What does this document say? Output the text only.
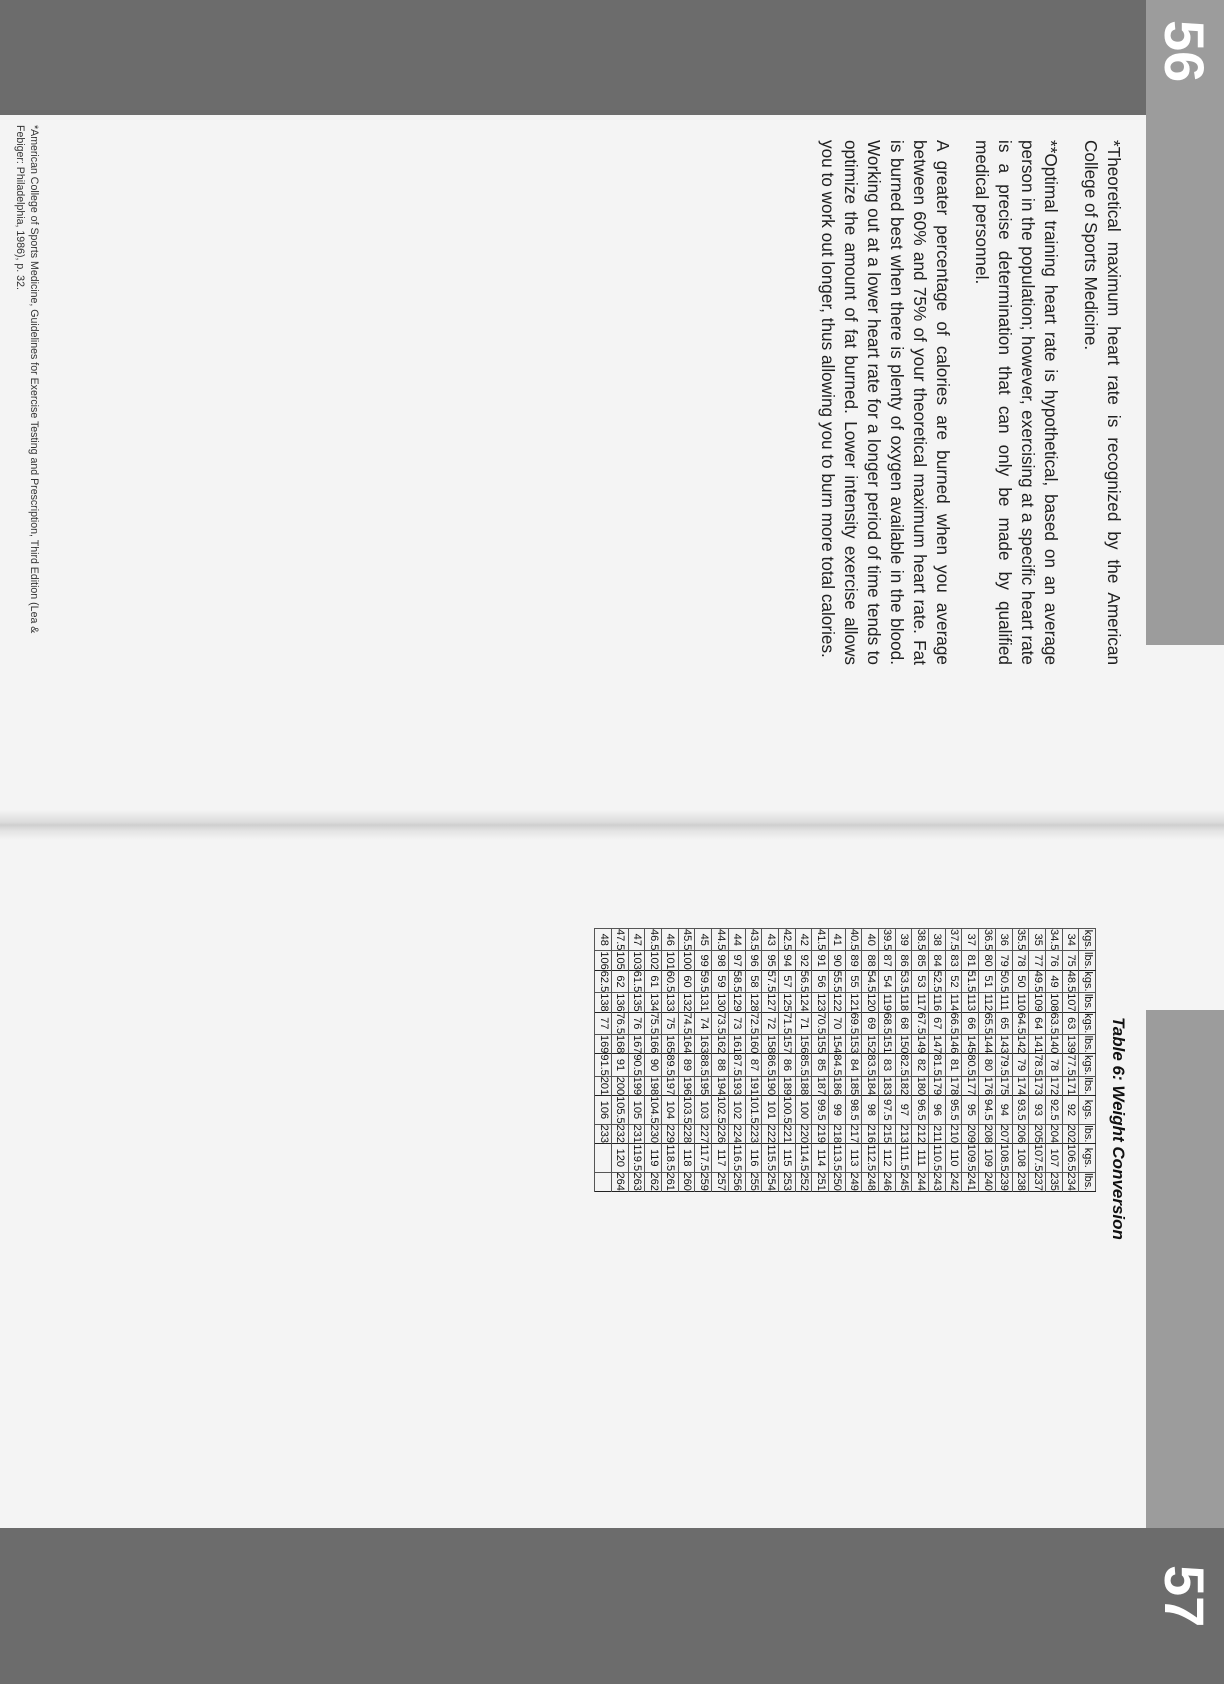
56

*Theoretical maximum heart rate is recognized by the American College of Sports Medicine.

**Optimal training heart rate is hypothetical, based on an average person in the population; however, exercising at a specific heart rate is a precise determination that can only be made by qualified medical personnel.

A greater percentage of calories are burned when you average between 60% and 75% of your theoretical maximum heart rate. Fat is burned best when there is plenty of oxygen available in the blood. Working out at a lower heart rate for a longer period of time tends to optimize the amount of fat burned. Lower intensity exercise allows you to work out longer, thus allowing you to burn more total calories.

*American College of Sports Medicine, Guidelines for Exercise Testing and Prescription, Third Edition (Lea & Febiger: Philadelphia, 1986), p. 32.
57
Table 6: Weight Conversion
kgs.	lbs.	kgs.	lbs.	kgs.	lbs.	kgs.	lbs.	kgs.	lbs.	kgs.	lbs.
34	75	48.5	107	63	139	77.5	171	92	202	106.5	234
34.5	76	49	108	63.5	140	78	172	92.5	204	107	235
35	77	49.5	109	64	141	78.5	173	93	205	107.5	237
35.5	78	50	110	64.5	142	79	174	93.5	206	108	238
36	79	50.5	111	65	143	79.5	175	94	207	108.5	239
36.5	80	51	112	65.5	144	80	176	94.5	208	109	240
37	81	51.5	113	66	145	80.5	177	95	209	109.5	241
37.5	83	52	114	66.5	146	81	178	95.5	210	110	242
38	84	52.5	116	67	147	81.5	179	96	211	110.5	243
38.5	85	53	117	67.5	149	82	180	96.5	212	111	244
39	86	53.5	118	68	150	82.5	182	97	213	111.5	245
39.5	87	54	119	68.5	151	83	183	97.5	215	112	246
40	88	54.5	120	69	152	83.5	184	98	216	112.5	248
40.5	89	55	121	69.5	153	84	185	98.5	217	113	249
41	90	55.5	122	70	154	84.5	186	99	218	113.5	250
41.5	91	56	123	70.5	155	85	187	99.5	219	114	251
42	92	56.5	124	71	156	85.5	188	100	220	114.5	252
42.5	94	57	125	71.5	157	86	189	100.5	221	115	253
43	95	57.5	127	72	158	86.5	190	101	222	115.5	254
43.5	96	58	128	72.5	160	87	191	101.5	223	116	255
44	97	58.5	129	73	161	87.5	193	102	224	116.5	256
44.5	98	59	130	73.5	162	88	194	102.5	226	117	257
45	99	59.5	131	74	163	88.5	195	103	227	117.5	259
45.5	100	60	132	74.5	164	89	196	103.5	228	118	260
46	101	60.5	133	75	165	89.5	197	104	229	118.5	261
46.5	102	61	134	75.5	166	90	198	104.5	230	119	262
47	103	61.5	135	76	167	90.5	199	105	231	119.5	263
47.5	105	62	136	76.5	168	91	200	105.5	232	120	264
48	106	62.5	138	77	169	91.5	201	106	233		
